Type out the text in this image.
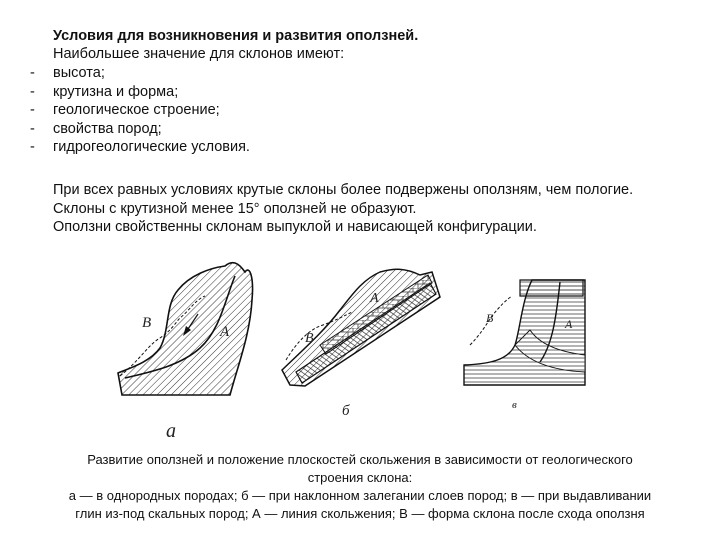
Условия для возникновения и развития оползней.
Наибольшее значение для склонов имеют:
- высота;
- крутизна и форма;
- геологическое строение;
- свойства пород;
- гидрогеологические условия.
При всех равных условиях крутые склоны более подвержены оползням, чем пологие.
Склоны с крутизной менее 15° оползней не образуют.
Оползни свойственны склонам выпуклой и нависающей конфигурации.
В
А
а
В
А
б
В	А
в
Развитие оползней и положение плоскостей скольжения в зависимости от геологического
строения склона:
а — в однородных породах; б — при наклонном залегании слоев пород; в — при выдавливании
глин из-под скальных пород; А — линия скольжения; В — форма склона после схода оползня
